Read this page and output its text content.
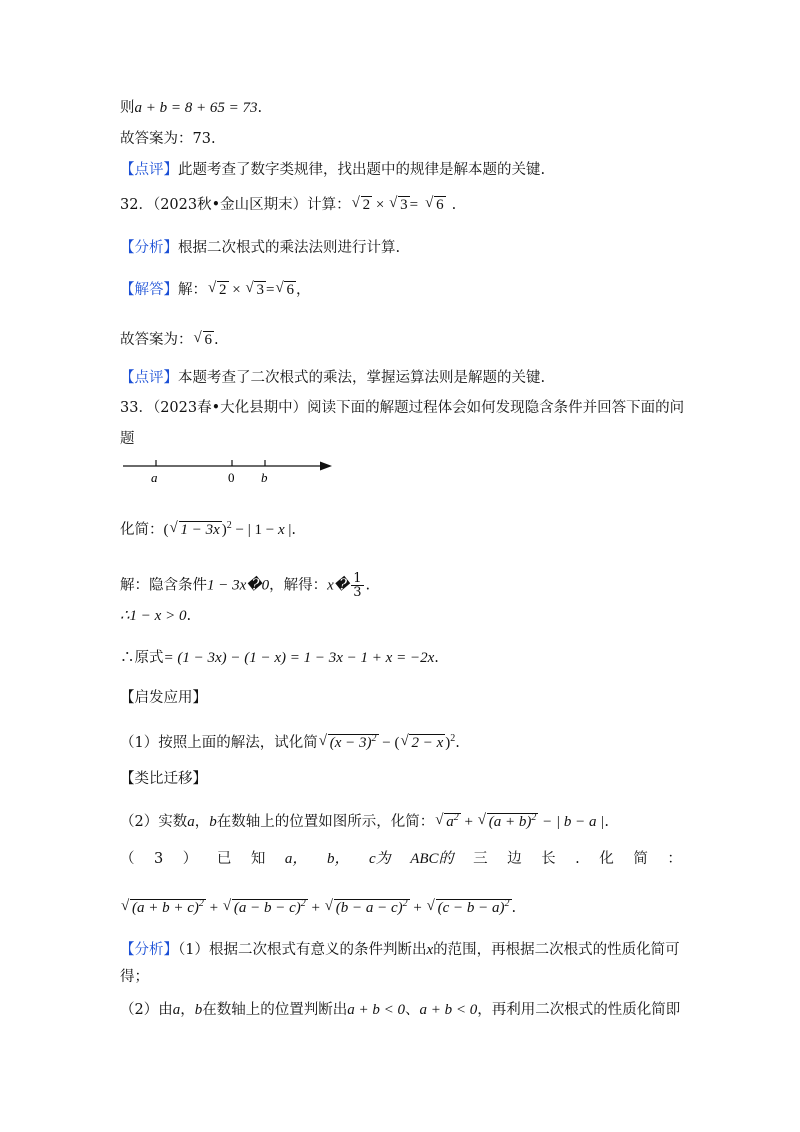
则a + b = 8 + 65 = 73.
故答案为：73.
【点评】此题考查了数字类规律，找出题中的规律是解本题的关键.
32．（2023秋•金山区期末）计算： √ 2 × √ 3 = √ 6 .
【分析】根据二次根式的乘法法则进行计算.
【解答】解： √ 2 × √ 3 = √ 6 ，
故答案为： √ 6 .
【点评】本题考查了二次根式的乘法，掌握运算法则是解题的关键.
33．（2023春•大化县期中）阅读下面的解题过程体会如何发现隐含条件并回答下面的问
题
a	0 b
化简：( √ 1 − 3x )$^2$ − | 1 − x |.
解：隐含条件1 − 3x�0，解得：x� $\frac{1}{3}$ .
∴1 − x > 0.
∴原式= (1 − 3x) − (1 − x) = 1 − 3x − 1 + x = −2x.
【启发应用】
（1）按照上面的解法，试化简 √ $(x - 3)^2$ − ( √ 2 − x )$^2$.
【类比迁移】
（2）实数a，b在数轴上的位置如图所示，化简： √ $a^2$ + √ $(a + b)^2$ − | b − a |.
（ 3 ） 已 知 a， b， c为 ABC的 三 边 长 . 化 简 ：
√ $(a + b + c)^2$ + √ $(a - b - c)^2$ + √ $(b - a - c)^2$ + √ $(c - b - a)^2$ .
【分析】（1）根据二次根式有意义的条件判断出x的范围，再根据二次根式的性质化简可
得；
（2）由a，b在数轴上的位置判断出a + b < 0、a + b < 0，再利用二次根式的性质化简即
